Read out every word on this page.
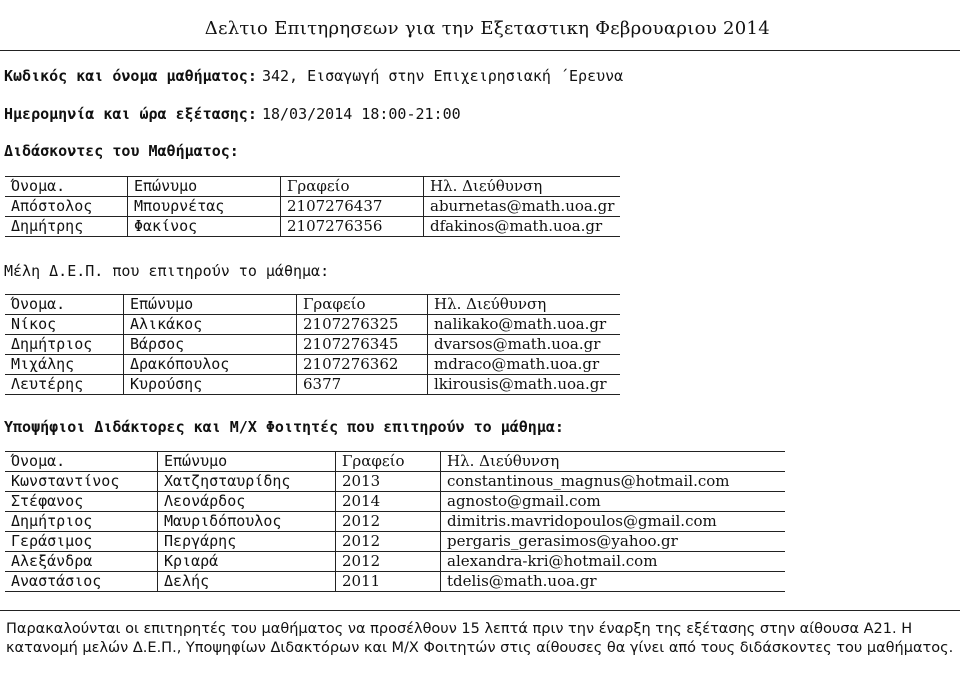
Δελτιο Επιτηρησεων για την Εξεταστικη Φεβρουαριου 2014
Κωδικός και όνομα μαθήματος: 342, Εισαγωγή στην Επιχειρησιακή ΄Ερευνα
Ημερομηνία και ώρα εξέτασης: 18/03/2014 18:00-21:00
Διδάσκοντες του Μαθήματος:
Όνομα.	Επώνυμο	Γραφείο	Ηλ. Διεύθυνση
Απόστολος	Μπουρνέτας	2107276437	aburnetas@math.uoa.gr
Δημήτρης	Φακίνος	2107276356	dfakinos@math.uoa.gr
Μέλη Δ.Ε.Π. που επιτηρούν το μάθημα:
Όνομα.	Επώνυμο	Γραφείο	Ηλ. Διεύθυνση
Νίκος	Αλικάκος	2107276325	nalikako@math.uoa.gr
Δημήτριος	Βάρσος	2107276345	dvarsos@math.uoa.gr
Μιχάλης	Δρακόπουλος	2107276362	mdraco@math.uoa.gr
Λευτέρης	Κυρούσης	6377	lkirousis@math.uoa.gr
Υποψήφιοι Διδάκτορες και Μ/Χ Φοιτητές που επιτηρούν το μάθημα:
Όνομα.	Επώνυμο	Γραφείο	Ηλ. Διεύθυνση
Κωνσταντίνος	Χατζησταυρίδης	2013	constantinous_magnus@hotmail.com
Στέφανος	Λεονάρδος	2014	agnosto@gmail.com
Δημήτριος	Μαυριδόπουλος	2012	dimitris.mavridopoulos@gmail.com
Γεράσιμος	Περγάρης	2012	pergaris_gerasimos@yahoo.gr
Αλεξάνδρα	Κριαρά	2012	alexandra-kri@hotmail.com
Αναστάσιος	Δελής	2011	tdelis@math.uoa.gr
Παρακαλούνται οι επιτηρητές του μαθήματος να προσέλθουν 15 λεπτά πριν την έναρξη της εξέτασης στην αίθουσα Α21. Η κατανομή μελών Δ.Ε.Π., Υποψηφίων Διδακτόρων και Μ/Χ Φοιτητών στις αίθουσες θα γίνει από τους διδάσκοντες του μαθήματος.
